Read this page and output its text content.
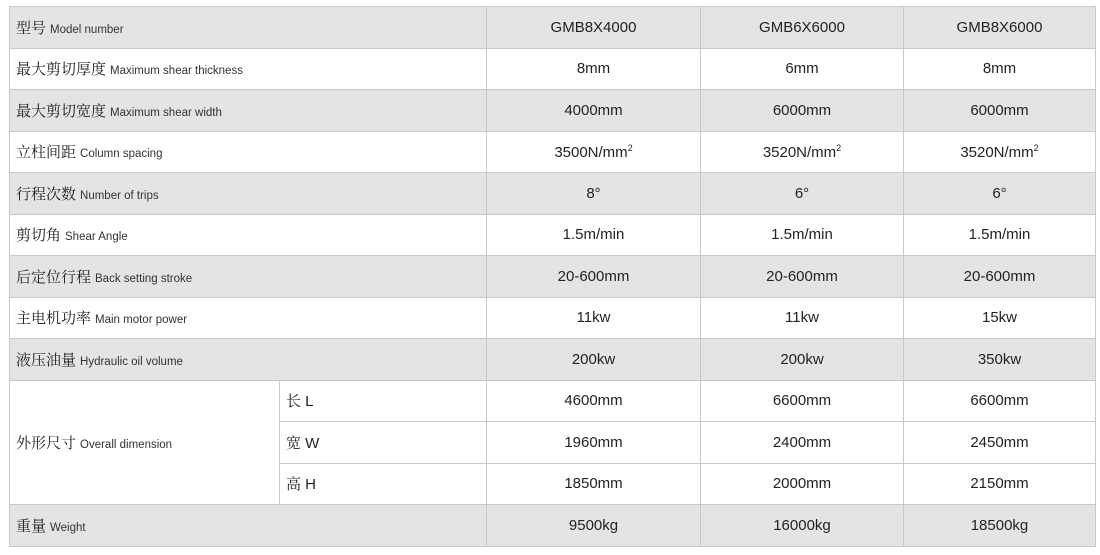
型号 Model number		GMB8X4000	GMB6X6000	GMB8X6000
最大剪切厚度 Maximum shear thickness		8mm	6mm	8mm
最大剪切宽度 Maximum shear width		4000mm	6000mm	6000mm
立柱间距 Column spacing		$3500N/mm^2$	$3520N/mm^2$	$3520N/mm^2$
行程次数 Number of trips		8°	6°	6°
剪切角 Shear Angle		1.5m/min	1.5m/min	1.5m/min
后定位行程 Back setting stroke		20-600mm	20-600mm	20-600mm
主电机功率 Main motor power		11kw	11kw	15kw
液压油量 Hydraulic oil volume		200kw	200kw	350kw
外形尺寸 Overall dimension	长 L	4600mm	6600mm	6600mm
	宽 W	1960mm	2400mm	2450mm
	高 H	1850mm	2000mm	2150mm
重量 Weight		9500kg	16000kg	18500kg
